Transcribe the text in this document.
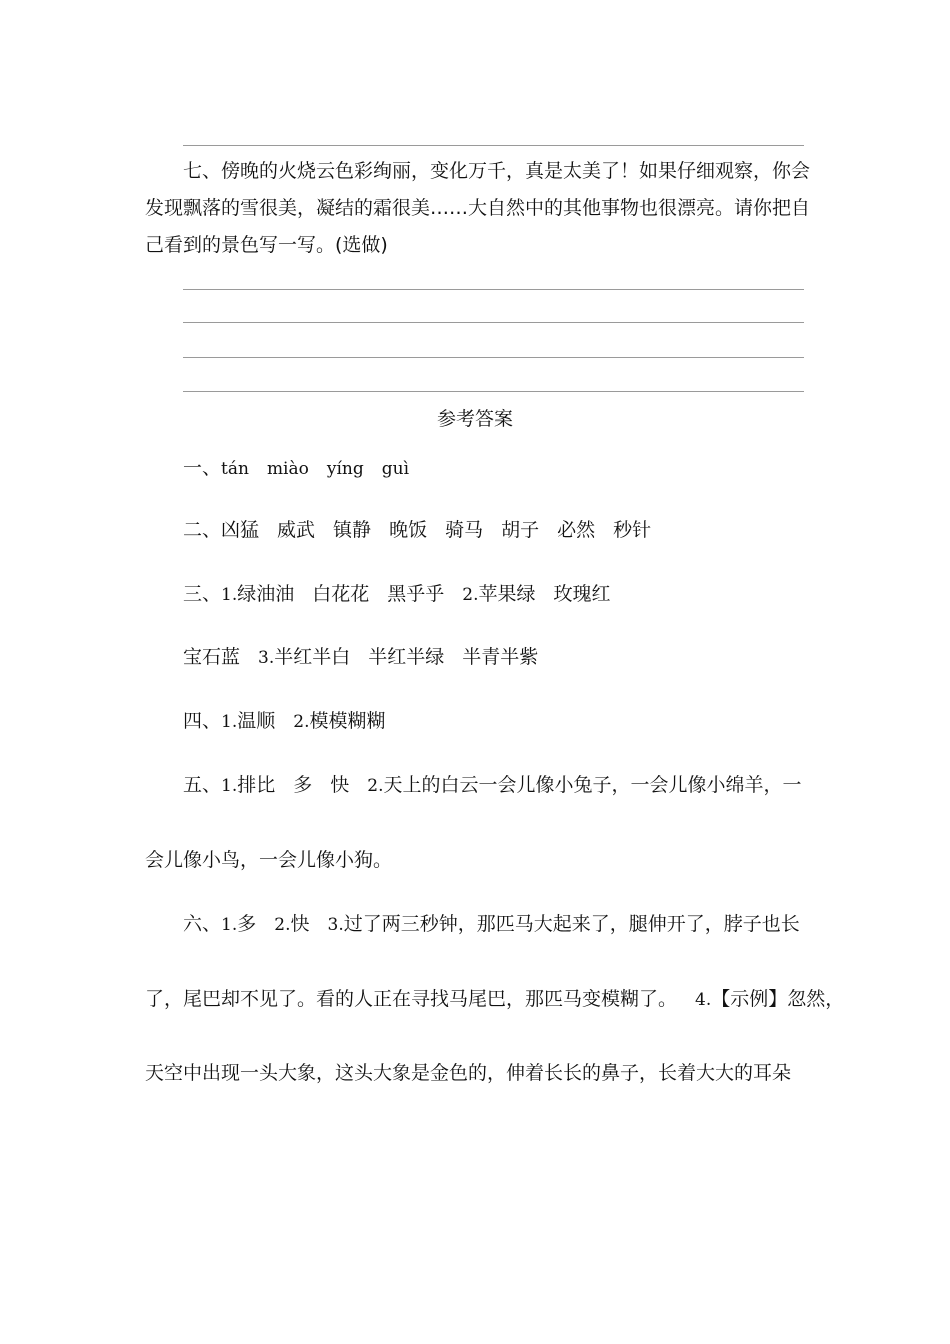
七、傍晚的火烧云色彩绚丽，变化万千，真是太美了！如果仔细观察，你会
发现飘落的雪很美，凝结的霜很美……大自然中的其他事物也很漂亮。请你把自
己看到的景色写一写。(选做)
参考答案
一、tán miào yíng guì
二、凶猛 威武 镇静 晚饭 骑马 胡子 必然 秒针
三、1.绿油油 白花花 黑乎乎 2.苹果绿 玫瑰红
宝石蓝 3.半红半白 半红半绿 半青半紫
四、1.温顺 2.模模糊糊
五、1.排比 多 快 2.天上的白云一会儿像小兔子，一会儿像小绵羊，一
会儿像小鸟，一会儿像小狗。
六、1.多 2.快 3.过了两三秒钟，那匹马大起来了，腿伸开了，脖子也长
了，尾巴却不见了。看的人正在寻找马尾巴，那匹马变模糊了。 4.【示例】忽然，
天空中出现一头大象，这头大象是金色的，伸着长长的鼻子，长着大大的耳朵
